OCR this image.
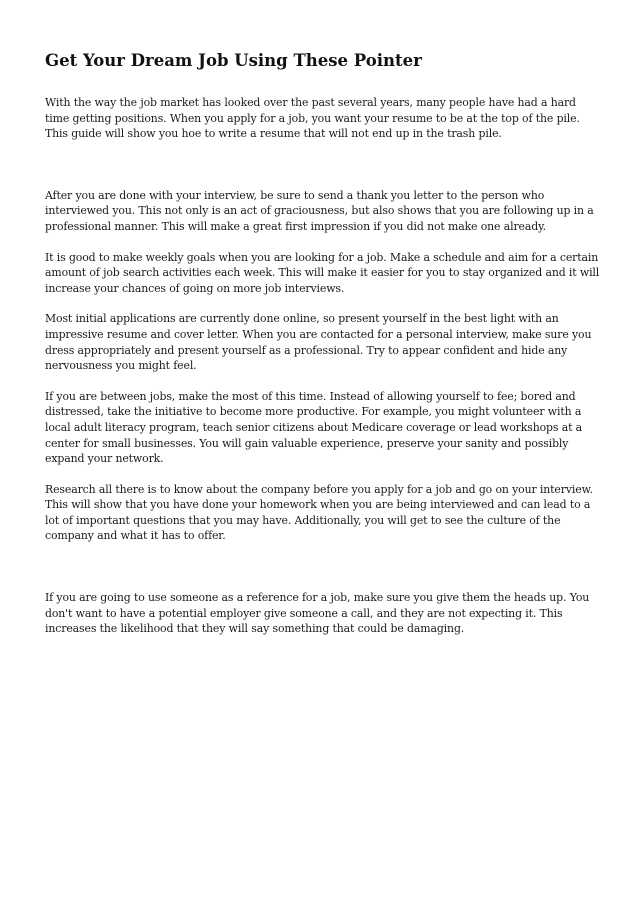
Get Your Dream Job Using These Pointer

With the way the job market has looked over the past several years, many people have had a hard time getting positions. When you apply for a job, you want your resume to be at the top of the pile. This guide will show you hoe to write a resume that will not end up in the trash pile.

After you are done with your interview, be sure to send a thank you letter to the person who interviewed you. This not only is an act of graciousness, but also shows that you are following up in a professional manner. This will make a great first impression if you did not make one already.

It is good to make weekly goals when you are looking for a job. Make a schedule and aim for a certain amount of job search activities each week. This will make it easier for you to stay organized and it will increase your chances of going on more job interviews.

Most initial applications are currently done online, so present yourself in the best light with an impressive resume and cover letter. When you are contacted for a personal interview, make sure you dress appropriately and present yourself as a professional. Try to appear confident and hide any nervousness you might feel.

If you are between jobs, make the most of this time. Instead of allowing yourself to fee; bored and distressed, take the initiative to become more productive. For example, you might volunteer with a local adult literacy program, teach senior citizens about Medicare coverage or lead workshops at a center for small businesses. You will gain valuable experience, preserve your sanity and possibly expand your network.

Research all there is to know about the company before you apply for a job and go on your interview. This will show that you have done your homework when you are being interviewed and can lead to a lot of important questions that you may have. Additionally, you will get to see the culture of the company and what it has to offer.

If you are going to use someone as a reference for a job, make sure you give them the heads up. You don't want to have a potential employer give someone a call, and they are not expecting it. This increases the likelihood that they will say something that could be damaging.
